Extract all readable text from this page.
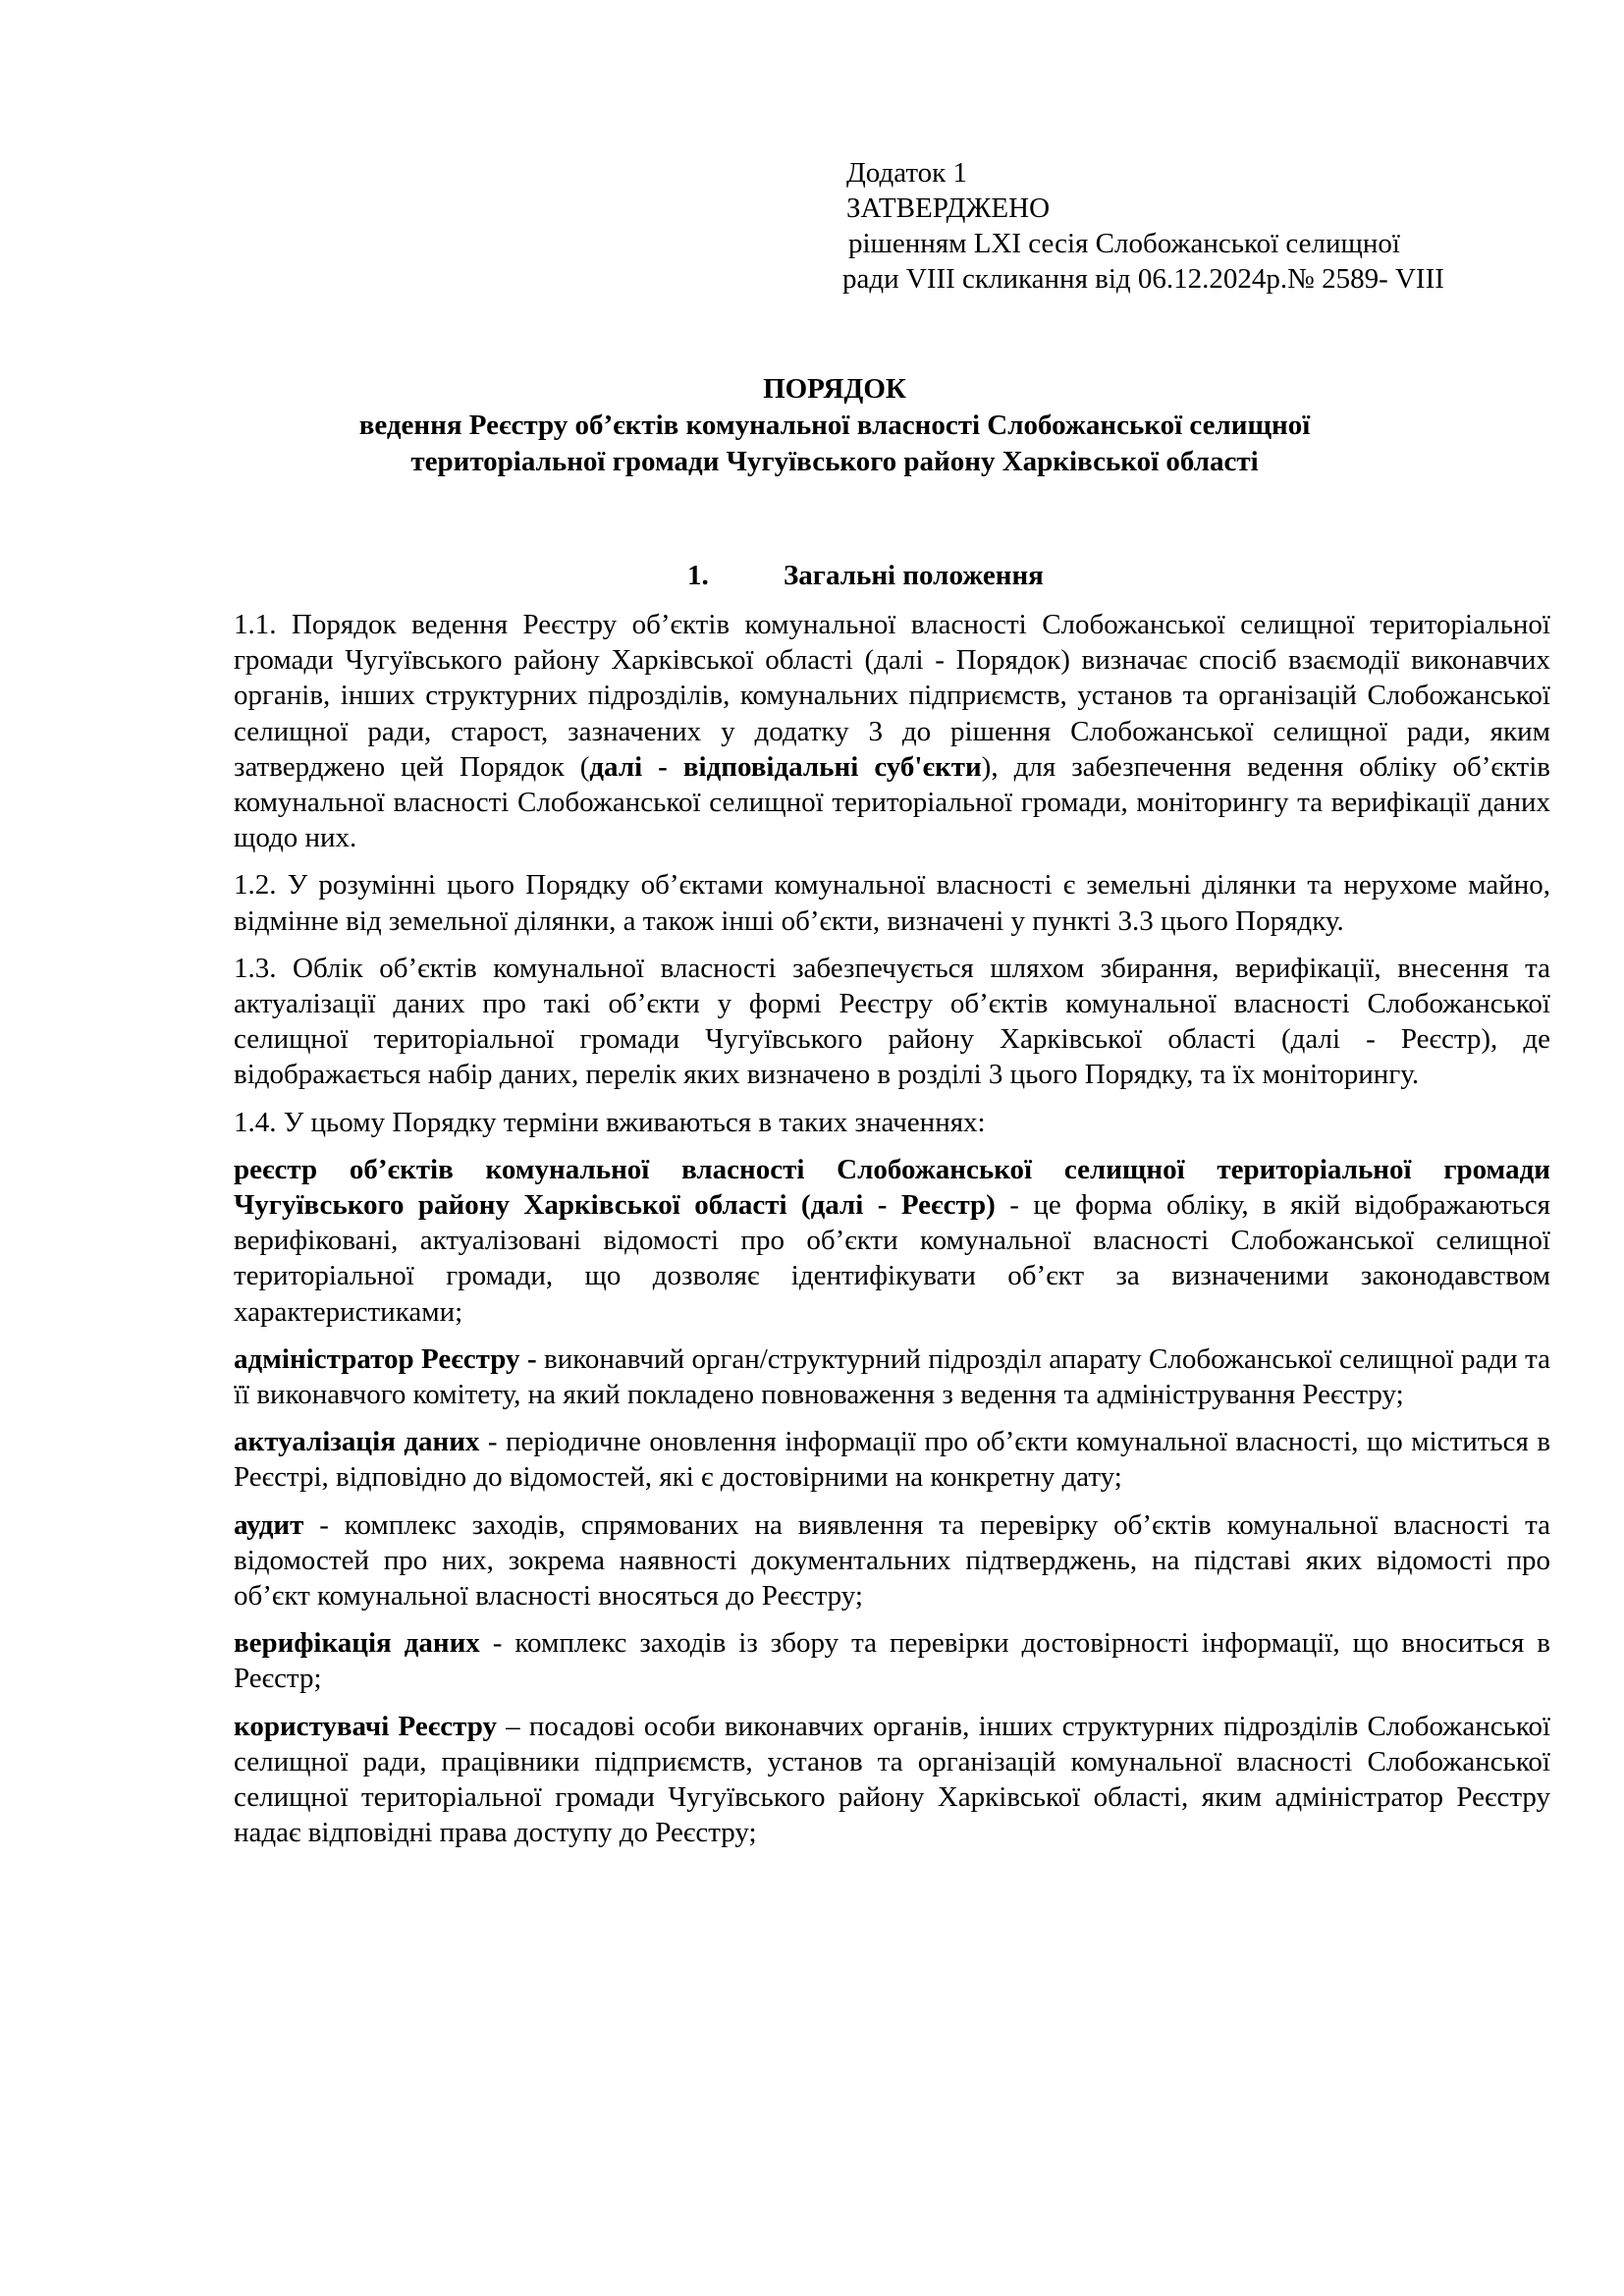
Додаток 1
ЗАТВЕРДЖЕНО
рішенням LXI сесія Слобожанської селищної
ради VIII скликання від 06.12.2024р.№ 2589- VIII
ПОРЯДОК
ведення Реєстру об’єктів комунальної власності Слобожанської селищної
територіальної громади Чугуївського району Харківської області
1.	Загальні положення

1.1. Порядок ведення Реєстру об’єктів комунальної власності Слобожанської селищної територіальної громади Чугуївського району Харківської області (далі - Порядок) визначає спосіб взаємодії виконавчих органів, інших структурних підрозділів, комунальних підприємств, установ та організацій Слобожанської селищної ради, старост, зазначених у додатку 3 до рішення Слобожанської селищної ради, яким затверджено цей Порядок (далі - відповідальні суб'єкти), для забезпечення ведення обліку об’єктів комунальної власності Слобожанської селищної територіальної громади, моніторингу та верифікації даних щодо них.

1.2. У розумінні цього Порядку об’єктами комунальної власності є земельні ділянки та нерухоме майно, відмінне від земельної ділянки, а також інші об’єкти, визначені у пункті 3.3 цього Порядку.

1.3. Облік об’єктів комунальної власності забезпечується шляхом збирання, верифікації, внесення та актуалізації даних про такі об’єкти у формі Реєстру об’єктів комунальної власності Слобожанської селищної територіальної громади Чугуївського району Харківської області (далі - Реєстр), де відображається набір даних, перелік яких визначено в розділі 3 цього Порядку, та їх моніторингу.

1.4. У цьому Порядку терміни вживаються в таких значеннях:

реєстр об’єктів комунальної власності Слобожанської селищної територіальної громади Чугуївського району Харківської області (далі - Реєстр) - це форма обліку, в якій відображаються верифіковані, актуалізовані відомості про об’єкти комунальної власності Слобожанської селищної територіальної громади, що дозволяє ідентифікувати об’єкт за визначеними законодавством характеристиками;

адміністратор Реєстру - виконавчий орган/структурний підрозділ апарату Слобожанської селищної ради та її виконавчого комітету, на який покладено повноваження з ведення та адміністрування Реєстру;

актуалізація даних - періодичне оновлення інформації про об’єкти комунальної власності, що міститься в Реєстрі, відповідно до відомостей, які є достовірними на конкретну дату;

аудит - комплекс заходів, спрямованих на виявлення та перевірку об’єктів комунальної власності та відомостей про них, зокрема наявності документальних підтверджень, на підставі яких відомості про об’єкт комунальної власності вносяться до Реєстру;

верифікація даних - комплекс заходів із збору та перевірки достовірності інформації, що вноситься в Реєстр;

користувачі Реєстру – посадові особи виконавчих органів, інших структурних підрозділів Слобожанської селищної ради, працівники підприємств, установ та організацій комунальної власності Слобожанської селищної територіальної громади Чугуївського району Харківської області, яким адміністратор Реєстру надає відповідні права доступу до Реєстру;
